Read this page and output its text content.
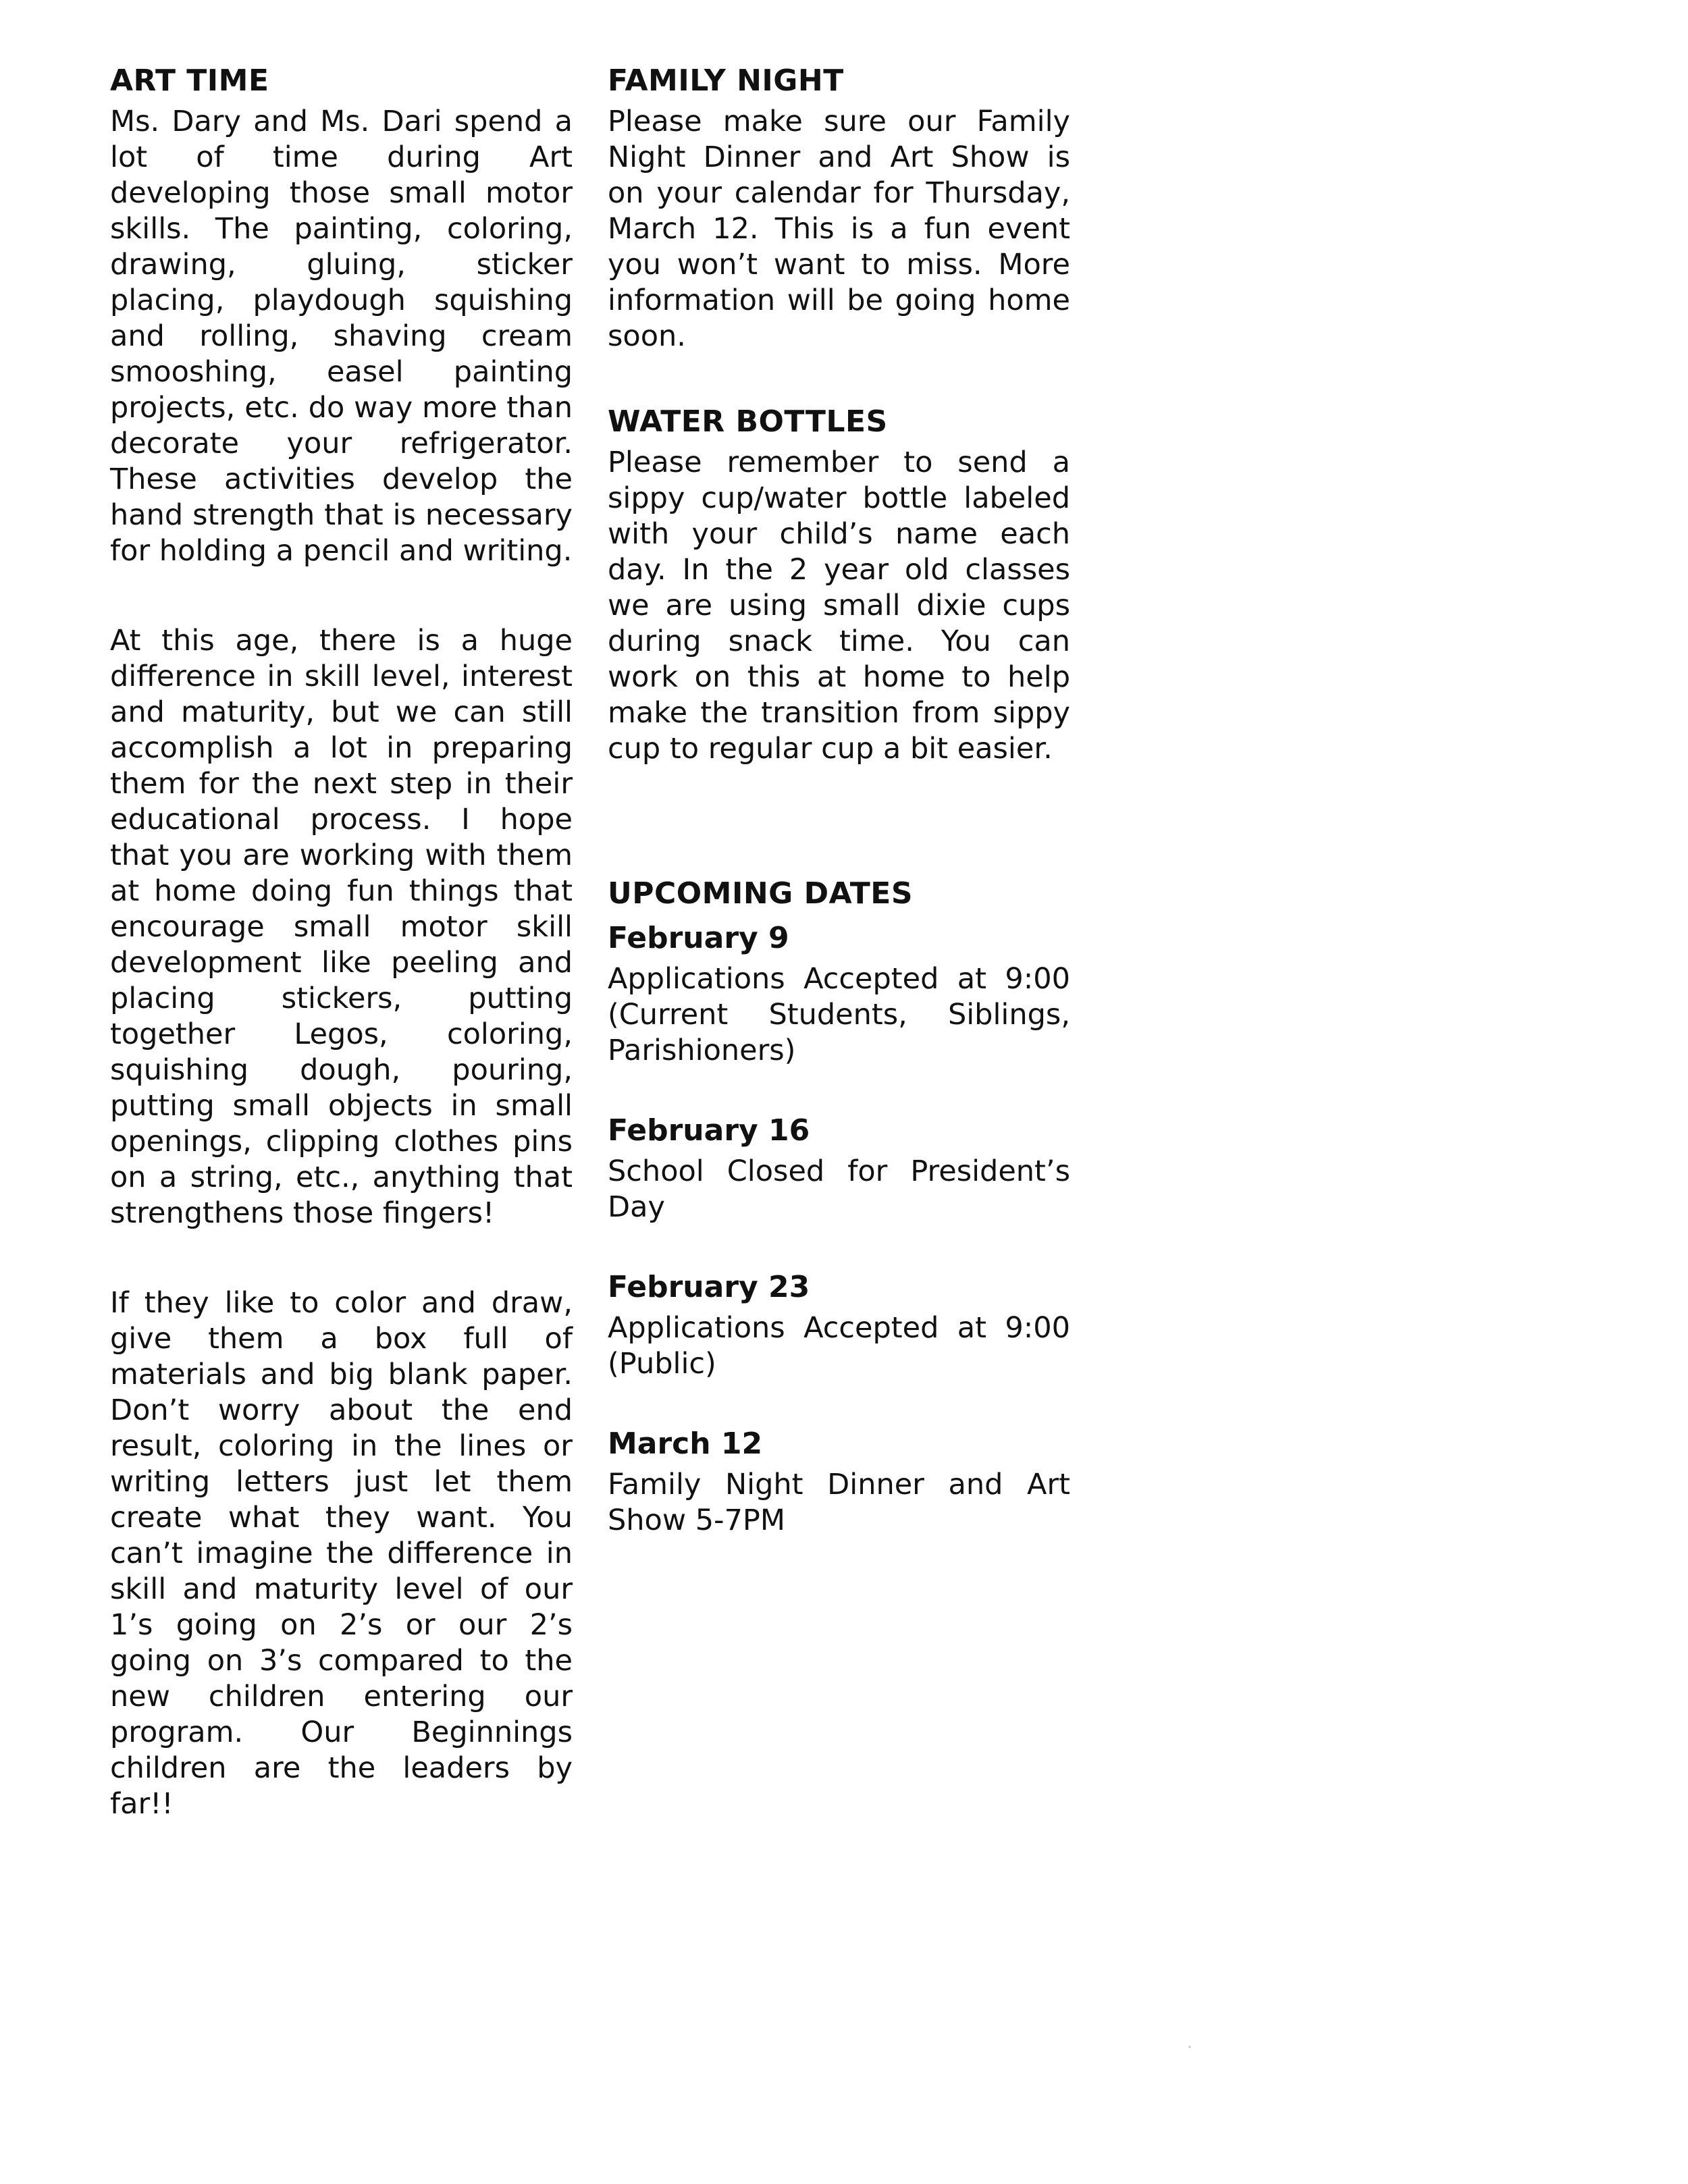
ART TIME

Ms. Dary and Ms. Dari spend a lot of time during Art developing those small motor skills. The painting, coloring, drawing, gluing, sticker placing, playdough squishing and rolling, shaving cream smooshing, easel painting projects, etc. do way more than decorate your refrigerator. These activities develop the hand strength that is necessary for holding a pencil and writing.

At this age, there is a huge difference in skill level, interest and maturity, but we can still accomplish a lot in preparing them for the next step in their educational process. I hope that you are working with them at home doing fun things that encourage small motor skill development like peeling and placing stickers, putting together Legos, coloring, squishing dough, pouring, putting small objects in small openings, clipping clothes pins on a string, etc., anything that strengthens those fingers!

If they like to color and draw, give them a box full of materials and big blank paper. Don’t worry about the end result, coloring in the lines or writing letters just let them create what they want. You can’t imagine the difference in skill and maturity level of our 1’s going on 2’s or our 2’s going on 3’s compared to the new children entering our program. Our Beginnings children are the leaders by far!!

FAMILY NIGHT

Please make sure our Family Night Dinner and Art Show is on your calendar for Thursday, March 12. This is a fun event you won’t want to miss. More information will be going home soon.

WATER BOTTLES

Please remember to send a sippy cup/water bottle labeled with your child’s name each day. In the 2 year old classes we are using small dixie cups during snack time. You can work on this at home to help make the transition from sippy cup to regular cup a bit easier.

UPCOMING DATES
February 9

Applications Accepted at 9:00 (Current Students, Siblings, Parishioners)

February 16

School Closed for President’s Day

February 23

Applications Accepted at 9:00 (Public)

March 12

Family Night Dinner and Art Show 5-7PM
